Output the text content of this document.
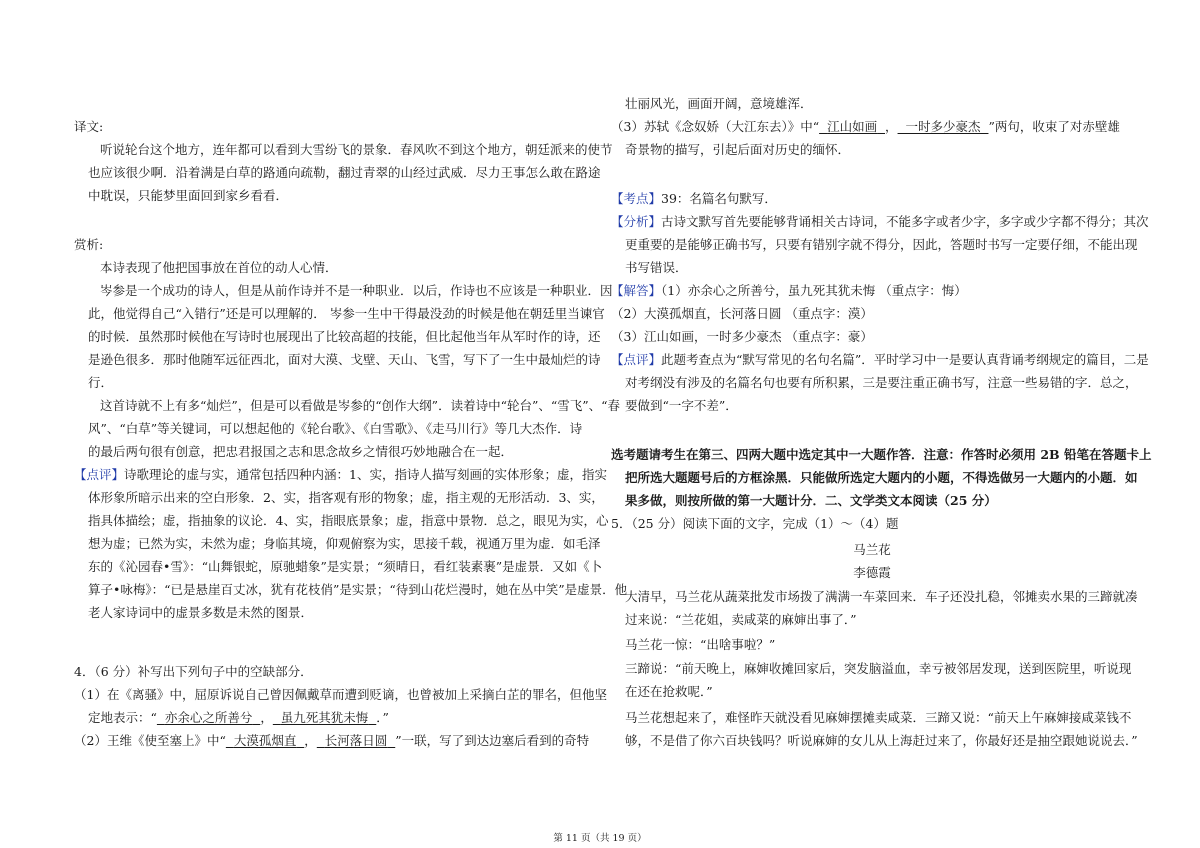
译文:
听说轮台这个地方，连年都可以看到大雪纷飞的景象．春风吹不到这个地方，朝廷派来的使节
也应该很少啊．沿着满是白草的路通向疏勒，翻过青翠的山经过武威．尽力王事怎么敢在路途
中耽误，只能梦里面回到家乡看看．
赏析:
本诗表现了他把国事放在首位的动人心情．
岑参是一个成功的诗人，但是从前作诗并不是一种职业．以后，作诗也不应该是一种职业．因
此，他觉得自己“入错行”还是可以理解的． 岑参一生中干得最没劲的时候是他在朝廷里当谏官
的时候．虽然那时候他在写诗时也展现出了比较高超的技能，但比起他当年从军时作的诗，还
是逊色很多．那时他随军远征西北，面对大漠、戈壁、天山、飞雪，写下了一生中最灿烂的诗
行．
这首诗就不上有多“灿烂”，但是可以看做是岑参的“创作大纲”．读着诗中“轮台”、“雪飞”、“春
风”、“白草”等关键词，可以想起他的《轮台歌》、《白雪歌》、《走马川行》等几大杰作．诗
的最后两句很有创意，把忠君报国之志和思念故乡之情很巧妙地融合在一起．
【点评】诗歌理论的虚与实，通常包括四种内涵：1、实，指诗人描写刻画的实体形象；虚，指实
体形象所暗示出来的空白形象．2、实，指客观有形的物象；虚，指主观的无形活动．3、实，
指具体描绘；虚，指抽象的议论．4、实，指眼底景象；虚，指意中景物．总之，眼见为实，心
想为虚；已然为实，未然为虚；身临其境，仰观俯察为实，思接千载，视通万里为虚．如毛泽
东的《沁园春•雪》：“山舞银蛇，原驰蜡象”是实景；“须晴日，看红装素裹”是虚景．又如《卜
算子•咏梅》：“已是悬崖百丈冰，犹有花枝俏”是实景；“待到山花烂漫时，她在丛中笑”是虚景．他
老人家诗词中的虚景多数是未然的图景．
4．（6 分）补写出下列句子中的空缺部分．
（1）在《离骚》中，屈原诉说自己曾因佩戴草而遭到贬谪，也曾被加上采摘白芷的罪名，但他坚
定地表示：“ 亦余心之所善兮 ， 虽九死其犹未悔 ．”
（2）王维《使至塞上》中“ 大漠孤烟直 ， 长河落日圆 ”一联，写了到达边塞后看到的奇特
壮丽风光，画面开阔，意境雄浑．
（3）苏轼《念奴娇（大江东去）》中“ 江山如画 ， 一时多少豪杰 ”两句，收束了对赤壁雄
奇景物的描写，引起后面对历史的缅怀．
【考点】39：名篇名句默写．
【分析】古诗文默写首先要能够背诵相关古诗词，不能多字或者少字，多字或少字都不得分；其次
更重要的是能够正确书写，只要有错别字就不得分，因此，答题时书写一定要仔细，不能出现
书写错误．
【解答】（1）亦余心之所善兮，虽九死其犹未悔 （重点字：悔）
（2）大漠孤烟直，长河落日圆 （重点字：漠）
（3）江山如画，一时多少豪杰 （重点字：豪）
【点评】此题考查点为“默写常见的名句名篇”．平时学习中一是要认真背诵考纲规定的篇目，二是
对考纲没有涉及的名篇名句也要有所积累，三是要注重正确书写，注意一些易错的字．总之，
要做到“一字不差”．
选考题请考生在第三、四两大题中选定其中一大题作答．注意：作答时必须用 2B 铅笔在答题卡上
把所选大题题号后的方框涂黑．只能做所选定大题内的小题，不得选做另一大题内的小题．如
果多做，则按所做的第一大题计分．二、文学类文本阅读（25 分）
5．（25 分）阅读下面的文字，完成（1）～（4）题
马兰花
李德霞
大清早，马兰花从蔬菜批发市场拨了满满一车菜回来．车子还没扎稳，邻摊卖水果的三蹄就凑
过来说：“兰花姐，卖咸菜的麻婶出事了．”
马兰花一惊：“出啥事啦？”
三蹄说：“前天晚上，麻婶收摊回家后，突发脑溢血，幸亏被邻居发现，送到医院里，听说现
在还在抢救呢．”
马兰花想起来了，难怪昨天就没看见麻婶摆摊卖咸菜．三蹄又说：“前天上午麻婶接咸菜钱不
够，不是借了你六百块钱吗？听说麻婶的女儿从上海赶过来了，你最好还是抽空跟她说说去．”
第 11 页（共 19 页）
